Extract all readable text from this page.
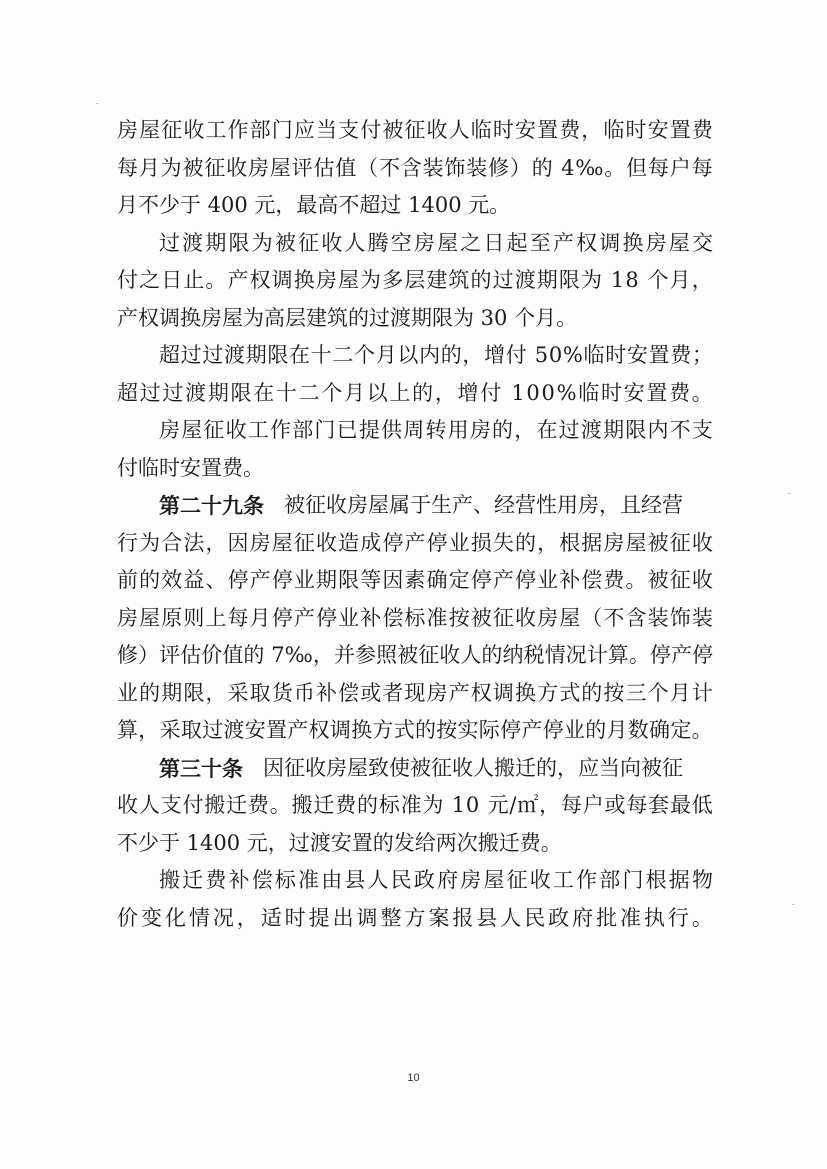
房 屋 征 收 工 作 部 门 应 当 支 付 被 征 收 人 临 时 安 置 费 ， 临 时 安 置 费
每 月 为 被 征 收 房 屋 评 估 值 （ 不 含 装 饰 装 修 ） 的
4 ‰ 。 但 每 户 每
月不少于 400 元，最高不超过 1400 元。
过 渡 期 限 为 被 征 收 人 腾 空 房 屋 之 日 起 至 产 权 调 换 房 屋 交
付 之 日 止 。 产 权 调 换 房 屋 为 多 层 建 筑 的 过 渡 期 限 为
1 8
个 月 ，
产权调换房屋为高层建筑的过渡期限为 30 个月。
超 过 过 渡 期 限 在 十 二 个 月 以 内 的 ， 增 付
5 0 % 临 时 安 置 费 ；
超 过 过 渡 期 限 在 十 二 个 月 以 上 的 ， 增 付
1 0 0 % 临 时 安 置 费 。
房 屋 征 收 工 作 部 门 已 提 供 周 转 用 房 的 ， 在 过 渡 期 限 内 不 支
付临时安置费。
第二十九条 被征收房屋属于生产、经营性用房，且经营
行 为 合 法 ， 因 房 屋 征 收 造 成 停 产 停 业 损 失 的 ， 根 据 房 屋 被 征 收
前 的 效 益 、 停 产 停 业 期 限 等 因 素 确 定 停 产 停 业 补 偿 费 。 被 征 收
房 屋 原 则 上 每 月 停 产 停 业 补 偿 标 准 按 被 征 收 房 屋 （ 不 含 装 饰 装
修 ） 评 估 价 值 的
7 ‰ ， 并 参 照 被 征 收 人 的 纳 税 情 况 计 算 。 停 产 停
业 的 期 限 ， 采 取 货 币 补 偿 或 者 现 房 产 权 调 换 方 式 的 按 三 个 月 计
算 ， 采 取 过 渡 安 置 产 权 调 换 方 式 的 按 实 际 停 产 停 业 的 月 数 确 定 。
第三十条 因征收房屋致使被征收人搬迁的，应当向被征
收 人 支 付 搬 迁 费 。 搬 迁 费 的 标 准 为
1 0
元 / ㎡ ， 每 户 或 每 套 最 低
不少于 1400 元，过渡安置的发给两次搬迁费。
搬 迁 费 补 偿 标 准 由 县 人 民 政 府 房 屋 征 收 工 作 部 门 根 据 物
价 变 化 情 况 ， 适 时 提 出 调 整 方 案 报 县 人 民 政 府 批 准 执 行 。
10
